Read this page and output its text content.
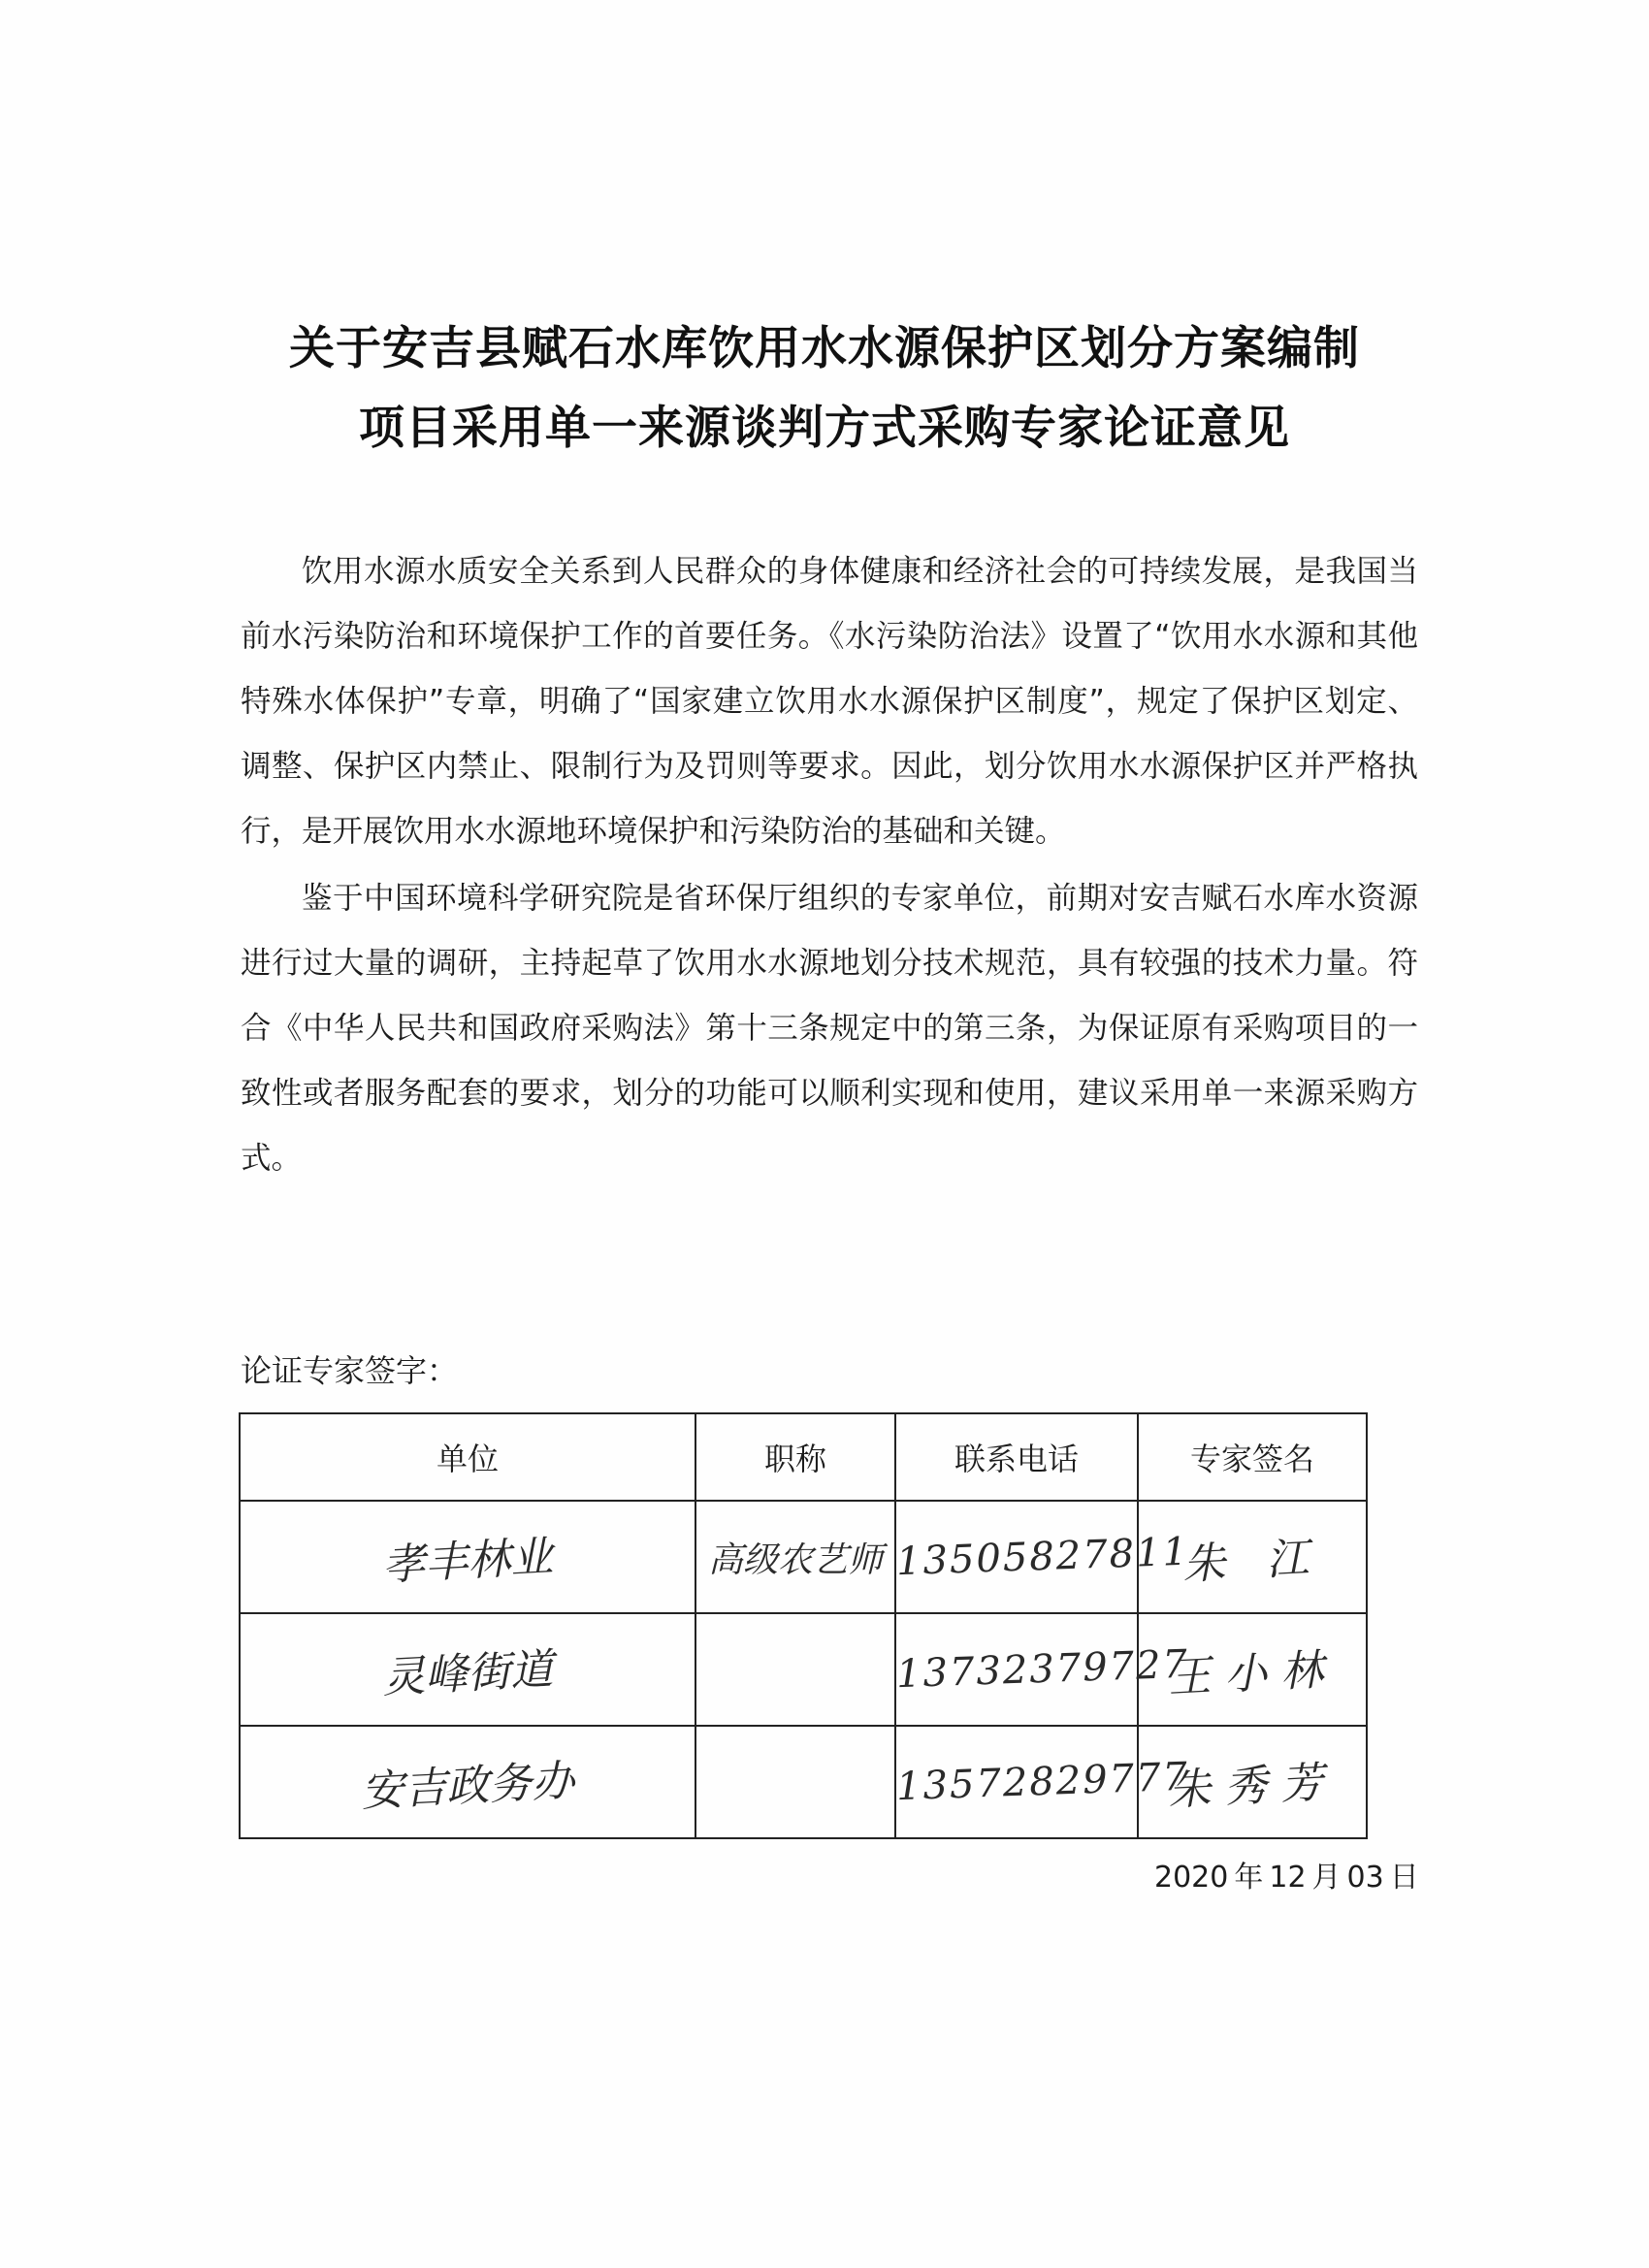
关于安吉县赋石水库饮用水水源保护区划分方案编制
项目采用单一来源谈判方式采购专家论证意见
饮用水源水质安全关系到人民群众的身体健康和经济社会的可持续发展，是我国当前水污染防治和环境保护工作的首要任务。《水污染防治法》设置了“饮用水水源和其他特殊水体保护”专章，明确了“国家建立饮用水水源保护区制度”，规定了保护区划定、调整、保护区内禁止、限制行为及罚则等要求。因此，划分饮用水水源保护区并严格执行，是开展饮用水水源地环境保护和污染防治的基础和关键。
鉴于中国环境科学研究院是省环保厅组织的专家单位，前期对安吉赋石水库水资源进行过大量的调研，主持起草了饮用水水源地划分技术规范，具有较强的技术力量。符合《中华人民共和国政府采购法》第十三条规定中的第三条，为保证原有采购项目的一致性或者服务配套的要求，划分的功能可以顺利实现和使用，建议采用单一来源采购方式。
论证专家签字：
单位	职称	联系电话	专家签名
孝丰林业	高级农艺师	13505827811	朱 江
灵峰街道		13732379727	王小林
安吉政务办		13572829777	朱秀芳
2020 年 12 月 03 日
